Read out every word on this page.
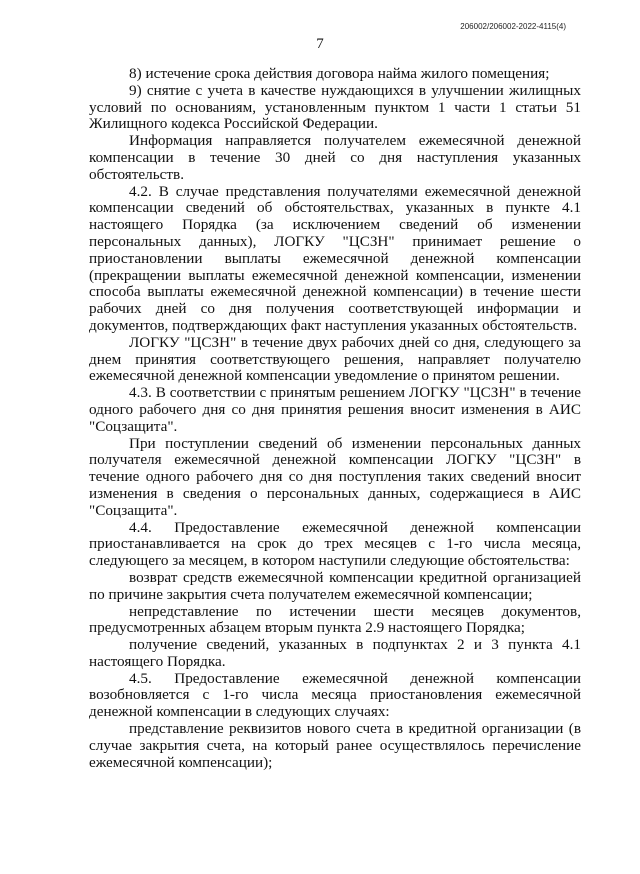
206002/206002-2022-4115(4)
7

8) истечение срока действия договора найма жилого помещения;

9) снятие с учета в качестве нуждающихся в улучшении жилищных условий по основаниям, установленным пунктом 1 части 1 статьи 51 Жилищного кодекса Российской Федерации.

Информация направляется получателем ежемесячной денежной компенсации в течение 30 дней со дня наступления указанных обстоятельств.

4.2. В случае представления получателями ежемесячной денежной компенсации сведений об обстоятельствах, указанных в пункте 4.1 настоящего Порядка (за исключением сведений об изменении персональных данных), ЛОГКУ "ЦСЗН" принимает решение о приостановлении выплаты ежемесячной денежной компенсации (прекращении выплаты ежемесячной денежной компенсации, изменении способа выплаты ежемесячной денежной компенсации) в течение шести рабочих дней со дня получения соответствующей информации и документов, подтверждающих факт наступления указанных обстоятельств.

ЛОГКУ "ЦСЗН" в течение двух рабочих дней со дня, следующего за днем принятия соответствующего решения, направляет получателю ежемесячной денежной компенсации уведомление о принятом решении.

4.3. В соответствии с принятым решением ЛОГКУ "ЦСЗН" в течение одного рабочего дня со дня принятия решения вносит изменения в АИС "Соцзащита".

При поступлении сведений об изменении персональных данных получателя ежемесячной денежной компенсации ЛОГКУ "ЦСЗН" в течение одного рабочего дня со дня поступления таких сведений вносит изменения в сведения о персональных данных, содержащиеся в АИС "Соцзащита".

4.4. Предоставление ежемесячной денежной компенсации приостанавливается на срок до трех месяцев с 1-го числа месяца, следующего за месяцем, в котором наступили следующие обстоятельства:

возврат средств ежемесячной компенсации кредитной организацией по причине закрытия счета получателем ежемесячной компенсации;

непредставление по истечении шести месяцев документов, предусмотренных абзацем вторым пункта 2.9 настоящего Порядка;

получение сведений, указанных в подпунктах 2 и 3 пункта 4.1 настоящего Порядка.

4.5. Предоставление ежемесячной денежной компенсации возобновляется с 1-го числа месяца приостановления ежемесячной денежной компенсации в следующих случаях:

представление реквизитов нового счета в кредитной организации (в случае закрытия счета, на который ранее осуществлялось перечисление ежемесячной компенсации);
